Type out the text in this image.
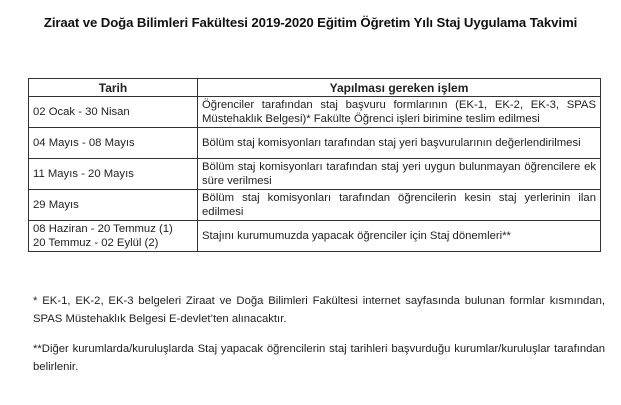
Ziraat ve Doğa Bilimleri Fakültesi 2019-2020 Eğitim Öğretim Yılı Staj Uygulama Takvimi
Tarih	Yapılması gereken işlem
02 Ocak - 30 Nisan	Öğrenciler tarafından staj başvuru formlarının (EK-1, EK-2, EK-3, SPAS Müstehaklık Belgesi)* Fakülte Öğrenci işleri birimine teslim edilmesi
04 Mayıs - 08 Mayıs	Bölüm staj komisyonları tarafından staj yeri başvurularının değerlendirilmesi
11 Mayıs - 20 Mayıs	Bölüm staj komisyonları tarafından staj yeri uygun bulunmayan öğrencilere ek süre verilmesi
29 Mayıs	Bölüm staj komisyonları tarafından öğrencilerin kesin staj yerlerinin ilan edilmesi

08 Haziran - 20 Temmuz (1)
20 Temmuz - 02 Eylül (2)	Stajını kurumumuzda yapacak öğrenciler için Staj dönemleri**
* EK-1, EK-2, EK-3 belgeleri Ziraat ve Doğa Bilimleri Fakültesi internet sayfasında bulunan formlar kısmından, SPAS Müstehaklık Belgesi E-devlet’ten alınacaktır.
**Diğer kurumlarda/kuruluşlarda Staj yapacak öğrencilerin staj tarihleri başvurduğu kurumlar/kuruluşlar tarafından belirlenir.
